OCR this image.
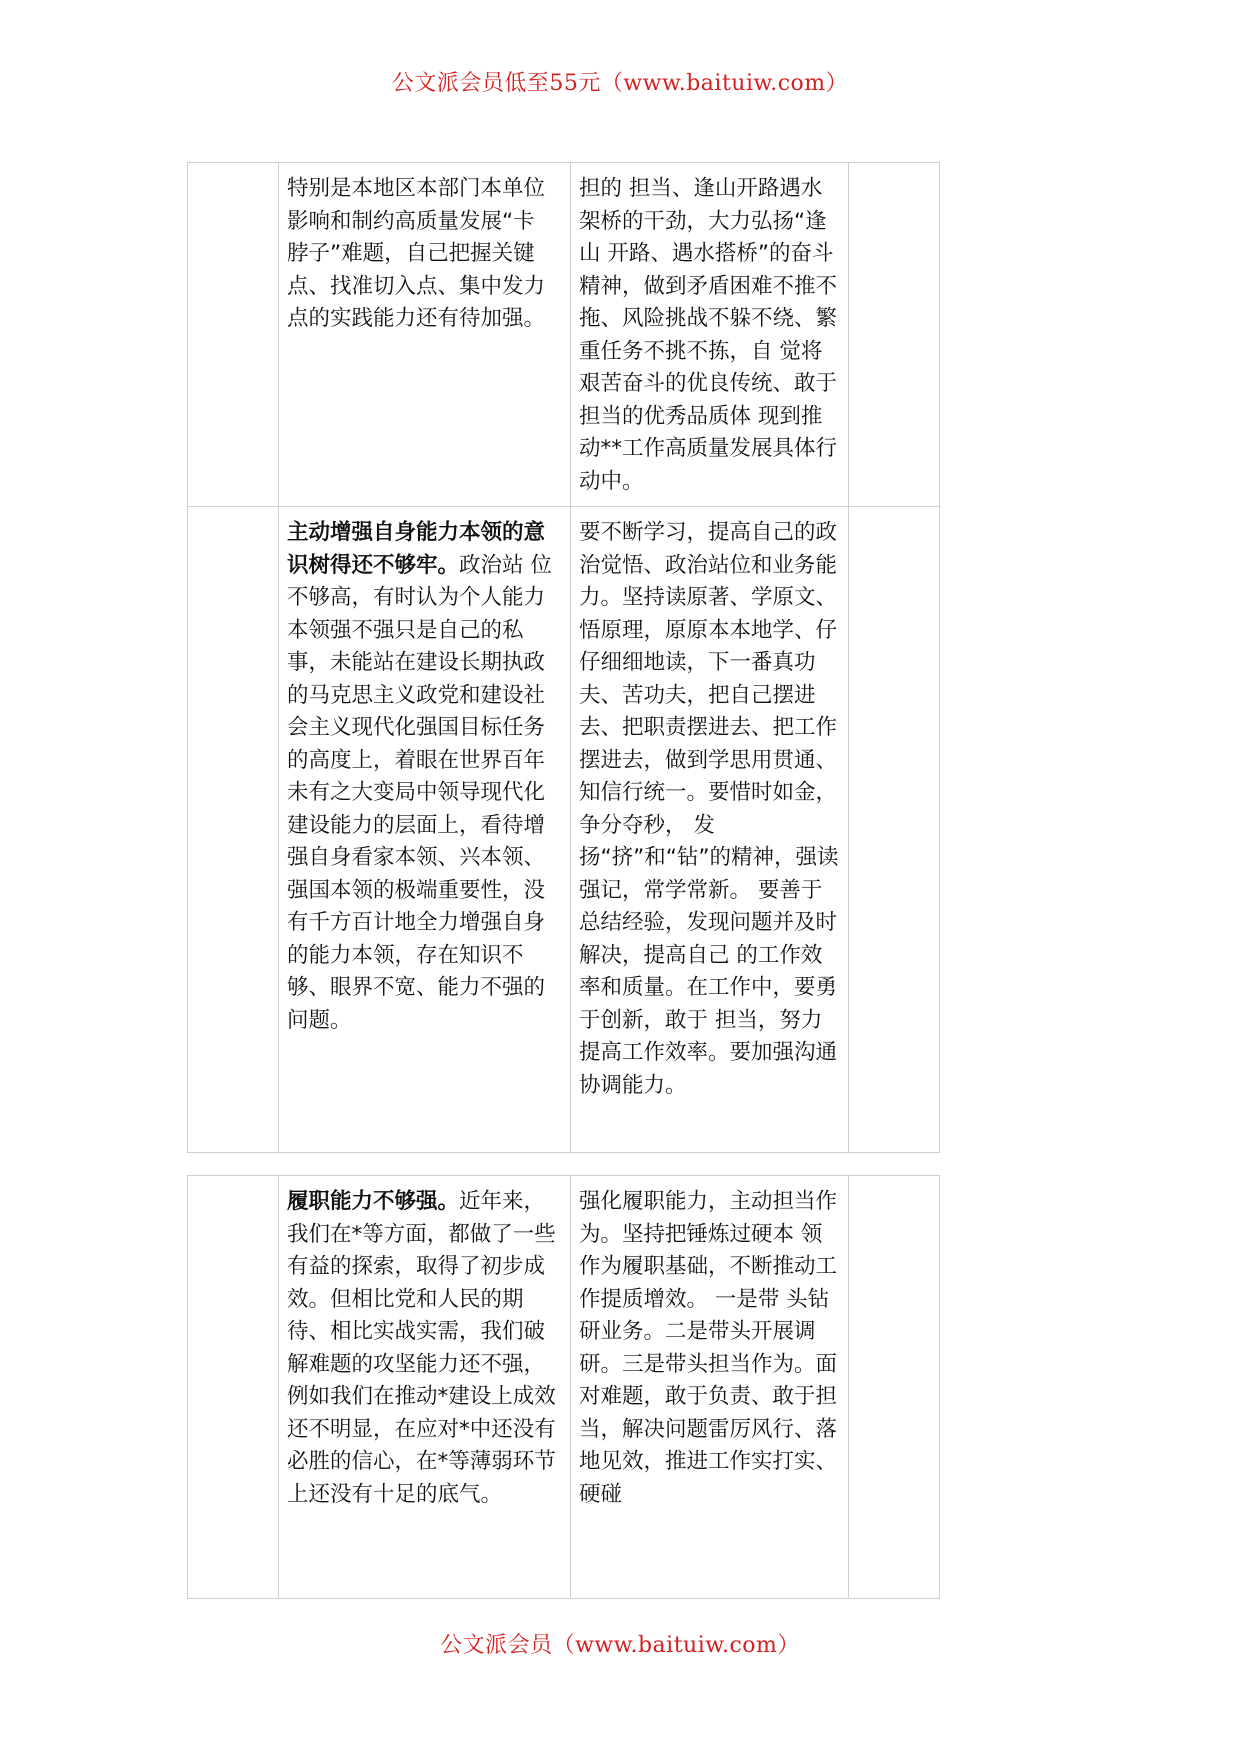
公文派会员低至55元（www.baituiw.com）
	特别是本地区本部门本单位影响和制约高质量发展“卡 脖子”难题，自己把握关键点、找准切入点、集中发力点的实践能力还有待加强。	担的 担当、逢山开路遇水架桥的干劲，大力弘扬“逢山 开路、遇水搭桥”的奋斗精神，做到矛盾困难不推不拖、风险挑战不躲不绕、繁重任务不挑不拣，自 觉将艰苦奋斗的优良传统、敢于担当的优秀品质体 现到推动**工作高质量发展具体行动中。	
	主动增强自身能力本领的意识树得还不够牢。政治站 位不够高，有时认为个人能力本领强不强只是自己的私事，未能站在建设长期执政的马克思主义政党和建设社会主义现代化强国目标任务的高度上，着眼在世界百年未有之大变局中领导现代化建设能力的层面上，看待增强自身看家本领、兴本领、强国本领的极端重要性，没有千方百计地全力增强自身的能力本领，存在知识不够、眼界不宽、能力不强的问题。	要不断学习，提高自己的政治觉悟、政治站位和业务能力。坚持读原著、学原文、悟原理，原原本本地学、仔仔细细地读，下一番真功夫、苦功夫，把自己摆进去、把职责摆进去、把工作摆进去，做到学思用贯通、知信行统一。要惜时如金，争分夺秒， 发扬“挤”和“钻”的精神，强读强记，常学常新。 要善于总结经验，发现问题并及时解决，提高自己 的工作效率和质量。在工作中，要勇于创新，敢于 担当，努力提高工作效率。要加强沟通协调能力。	
	履职能力不够强。近年来，我们在*等方面，都做了一些有益的探索，取得了初步成效。但相比党和人民的期待、相比实战实需，我们破解难题的攻坚能力还不强，例如我们在推动*建设上成效还不明显，在应对*中还没有必胜的信心，在*等薄弱环节上还没有十足的底气。	强化履职能力，主动担当作为。坚持把锤炼过硬本 领作为履职基础，不断推动工作提质增效。 一是带 头钻研业务。二是带头开展调研。三是带头担当作为。面对难题，敢于负责、敢于担当，解决问题雷厉风行、落地见效，推进工作实打实、硬碰	
公文派会员（www.baituiw.com）
